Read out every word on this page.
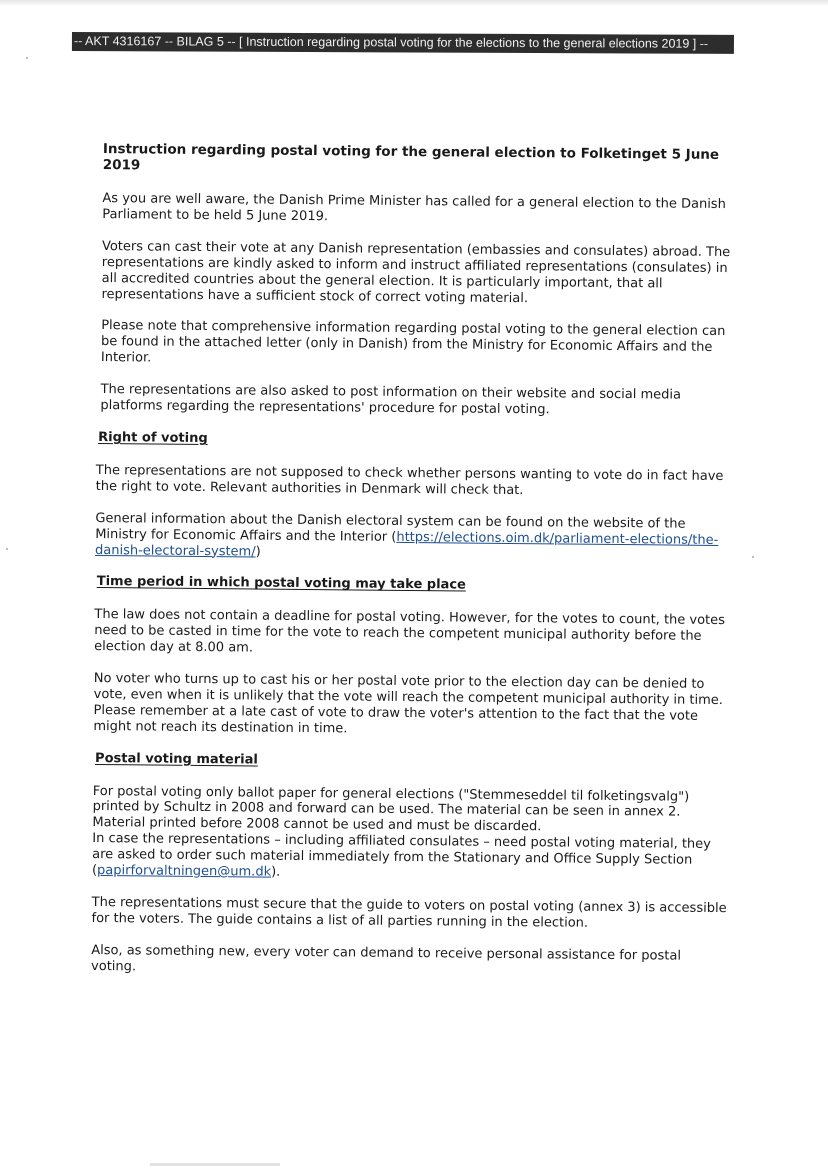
-- AKT 4316167 -- BILAG 5 -- [ Instruction regarding postal voting for the elections to the general elections 2019 ] --
Instruction regarding postal voting for the general election to Folketinget 5 June 2019

As you are well aware, the Danish Prime Minister has called for a general election to the Danish Parliament to be held 5 June 2019.

Voters can cast their vote at any Danish representation (embassies and consulates) abroad. The representations are kindly asked to inform and instruct affiliated representations (consulates) in all accredited countries about the general election. It is particularly important, that all representations have a sufficient stock of correct voting material.

Please note that comprehensive information regarding postal voting to the general election can be found in the attached letter (only in Danish) from the Ministry for Economic Affairs and the Interior.

The representations are also asked to post information on their website and social media platforms regarding the representations' procedure for postal voting.

Right of voting

The representations are not supposed to check whether persons wanting to vote do in fact have the right to vote. Relevant authorities in Denmark will check that.

General information about the Danish electoral system can be found on the website of the Ministry for Economic Affairs and the Interior (https://elections.oim.dk/parliament-elections/the-danish-electoral-system/)

Time period in which postal voting may take place

The law does not contain a deadline for postal voting. However, for the votes to count, the votes need to be casted in time for the vote to reach the competent municipal authority before the election day at 8.00 am.

No voter who turns up to cast his or her postal vote prior to the election day can be denied to vote, even when it is unlikely that the vote will reach the competent municipal authority in time. Please remember at a late cast of vote to draw the voter's attention to the fact that the vote might not reach its destination in time.

Postal voting material

For postal voting only ballot paper for general elections ("Stemmeseddel til folketingsvalg") printed by Schultz in 2008 and forward can be used. The material can be seen in annex 2. Material printed before 2008 cannot be used and must be discarded.
In case the representations – including affiliated consulates – need postal voting material, they are asked to order such material immediately from the Stationary and Office Supply Section (papirforvaltningen@um.dk).

The representations must secure that the guide to voters on postal voting (annex 3) is accessible for the voters. The guide contains a list of all parties running in the election.

Also, as something new, every voter can demand to receive personal assistance for postal voting.
